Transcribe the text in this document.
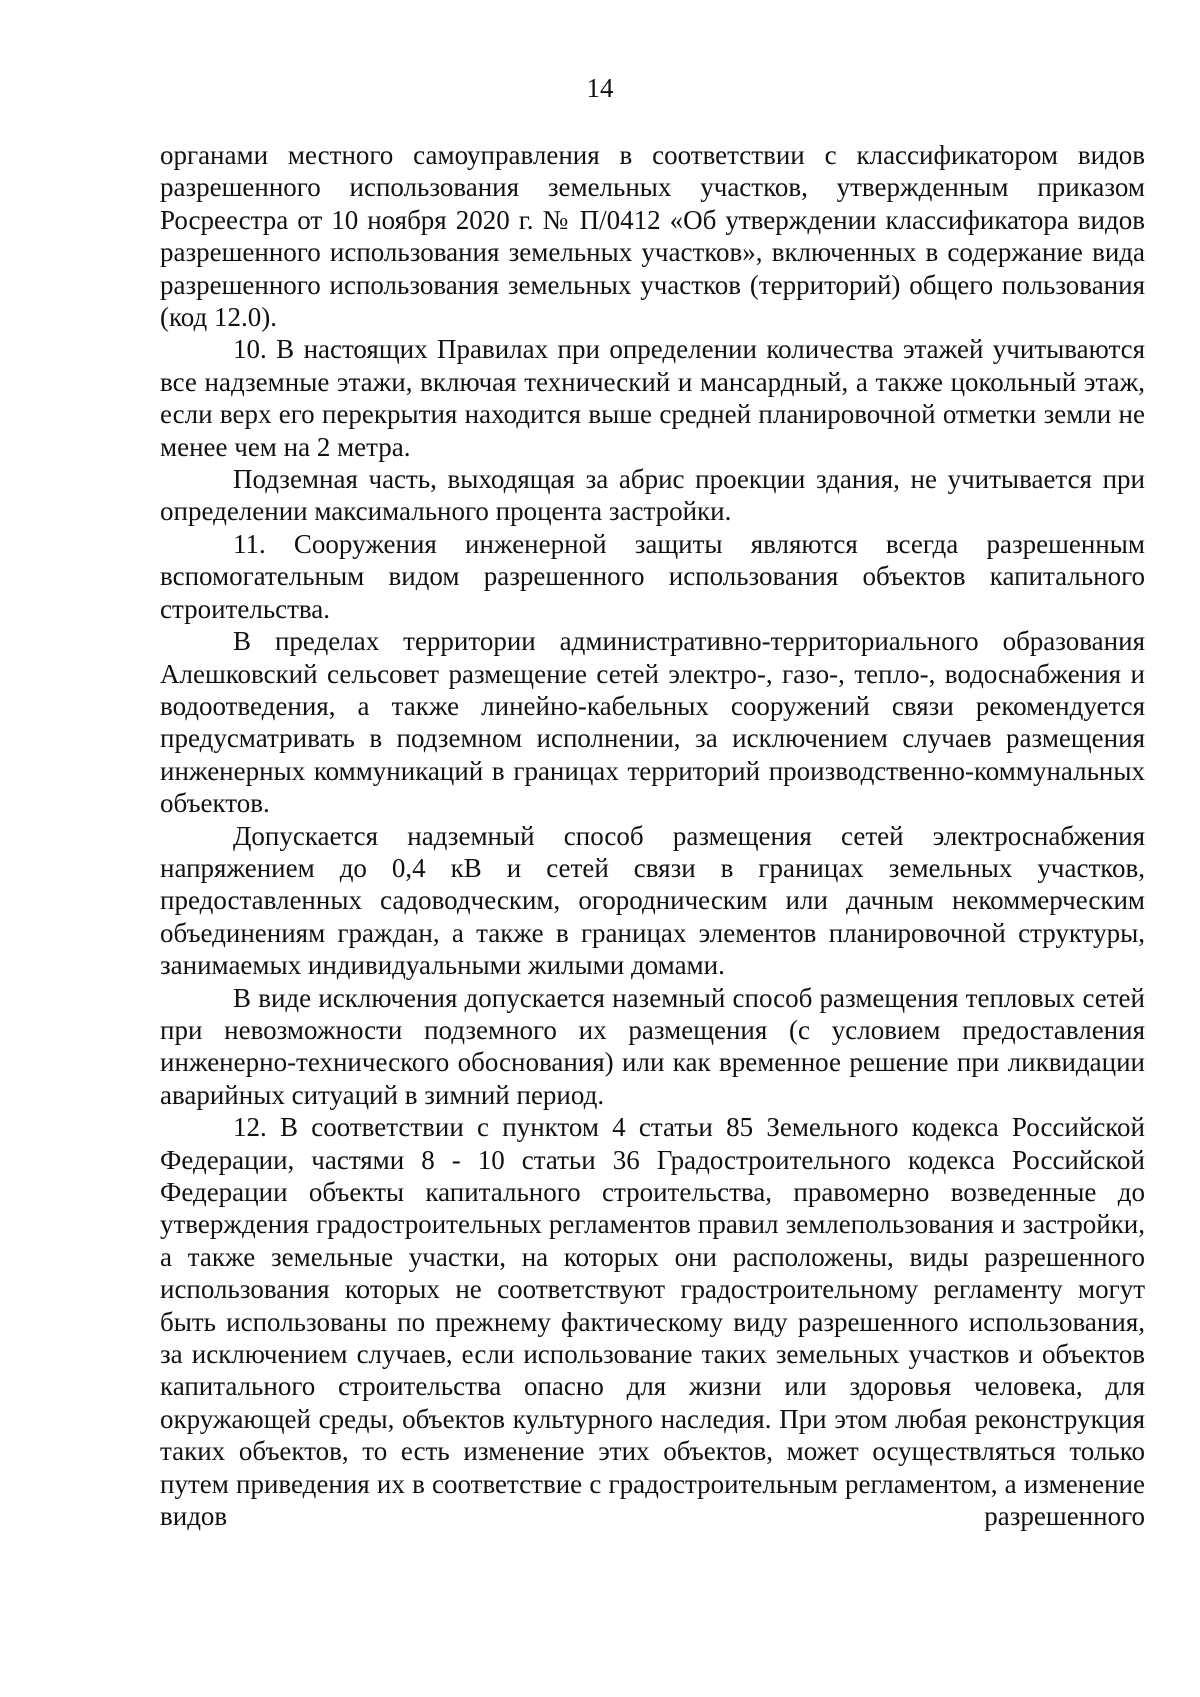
14

органами местного самоуправления в соответствии с классификатором видов разрешенного использования земельных участков, утвержденным приказом Росреестра от 10 ноября 2020 г. № П/0412 «Об утверждении классификатора видов разрешенного использования земельных участков», включенных в содержание вида разрешенного использования земельных участков (территорий) общего пользования (код 12.0).

10. В настоящих Правилах при определении количества этажей учитываются все надземные этажи, включая технический и мансардный, а также цокольный этаж, если верх его перекрытия находится выше средней планировочной отметки земли не менее чем на 2 метра.

Подземная часть, выходящая за абрис проекции здания, не учитывается при определении максимального процента застройки.

11. Сооружения инженерной защиты являются всегда разрешенным вспомогательным видом разрешенного использования объектов капитального строительства.

В пределах территории административно-территориального образования Алешковский сельсовет размещение сетей электро-, газо-, тепло-, водоснабжения и водоотведения, а также линейно-кабельных сооружений связи рекомендуется предусматривать в подземном исполнении, за исключением случаев размещения инженерных коммуникаций в границах территорий производственно-коммунальных объектов.

Допускается надземный способ размещения сетей электроснабжения напряжением до 0,4 кВ и сетей связи в границах земельных участков, предоставленных садоводческим, огородническим или дачным некоммерческим объединениям граждан, а также в границах элементов планировочной структуры, занимаемых индивидуальными жилыми домами.

В виде исключения допускается наземный способ размещения тепловых сетей при невозможности подземного их размещения (с условием предоставления инженерно-технического обоснования) или как временное решение при ликвидации аварийных ситуаций в зимний период.

12. В соответствии с пунктом 4 статьи 85 Земельного кодекса Российской Федерации, частями 8 - 10 статьи 36 Градостроительного кодекса Российской Федерации объекты капитального строительства, правомерно возведенные до утверждения градостроительных регламентов правил землепользования и застройки, а также земельные участки, на которых они расположены, виды разрешенного использования которых не соответствуют градостроительному регламенту могут быть использованы по прежнему фактическому виду разрешенного использования, за исключением случаев, если использование таких земельных участков и объектов капитального строительства опасно для жизни или здоровья человека, для окружающей среды, объектов культурного наследия. При этом любая реконструкция таких объектов, то есть изменение этих объектов, может осуществляться только путем приведения их в соответствие с градостроительным регламентом, а изменение видов разрешенного
